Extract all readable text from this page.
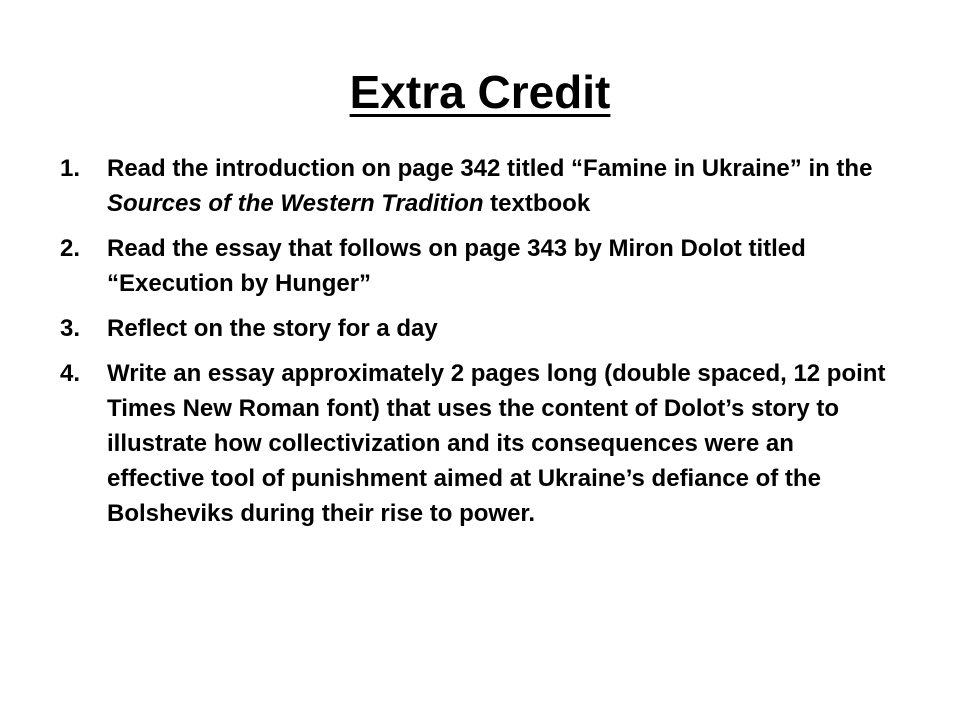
Extra Credit
1.	Read the introduction on page 342 titled “Famine in Ukraine” in the Sources of the Western Tradition textbook
2.	Read the essay that follows on page 343 by Miron Dolot titled “Execution by Hunger”
3.	Reflect on the story for a day
4.	Write an essay approximately 2 pages long (double spaced, 12 point Times New Roman font) that uses the content of Dolot’s story to illustrate how collectivization and its consequences were an effective tool of punishment aimed at Ukraine’s defiance of the Bolsheviks during their rise to power.
